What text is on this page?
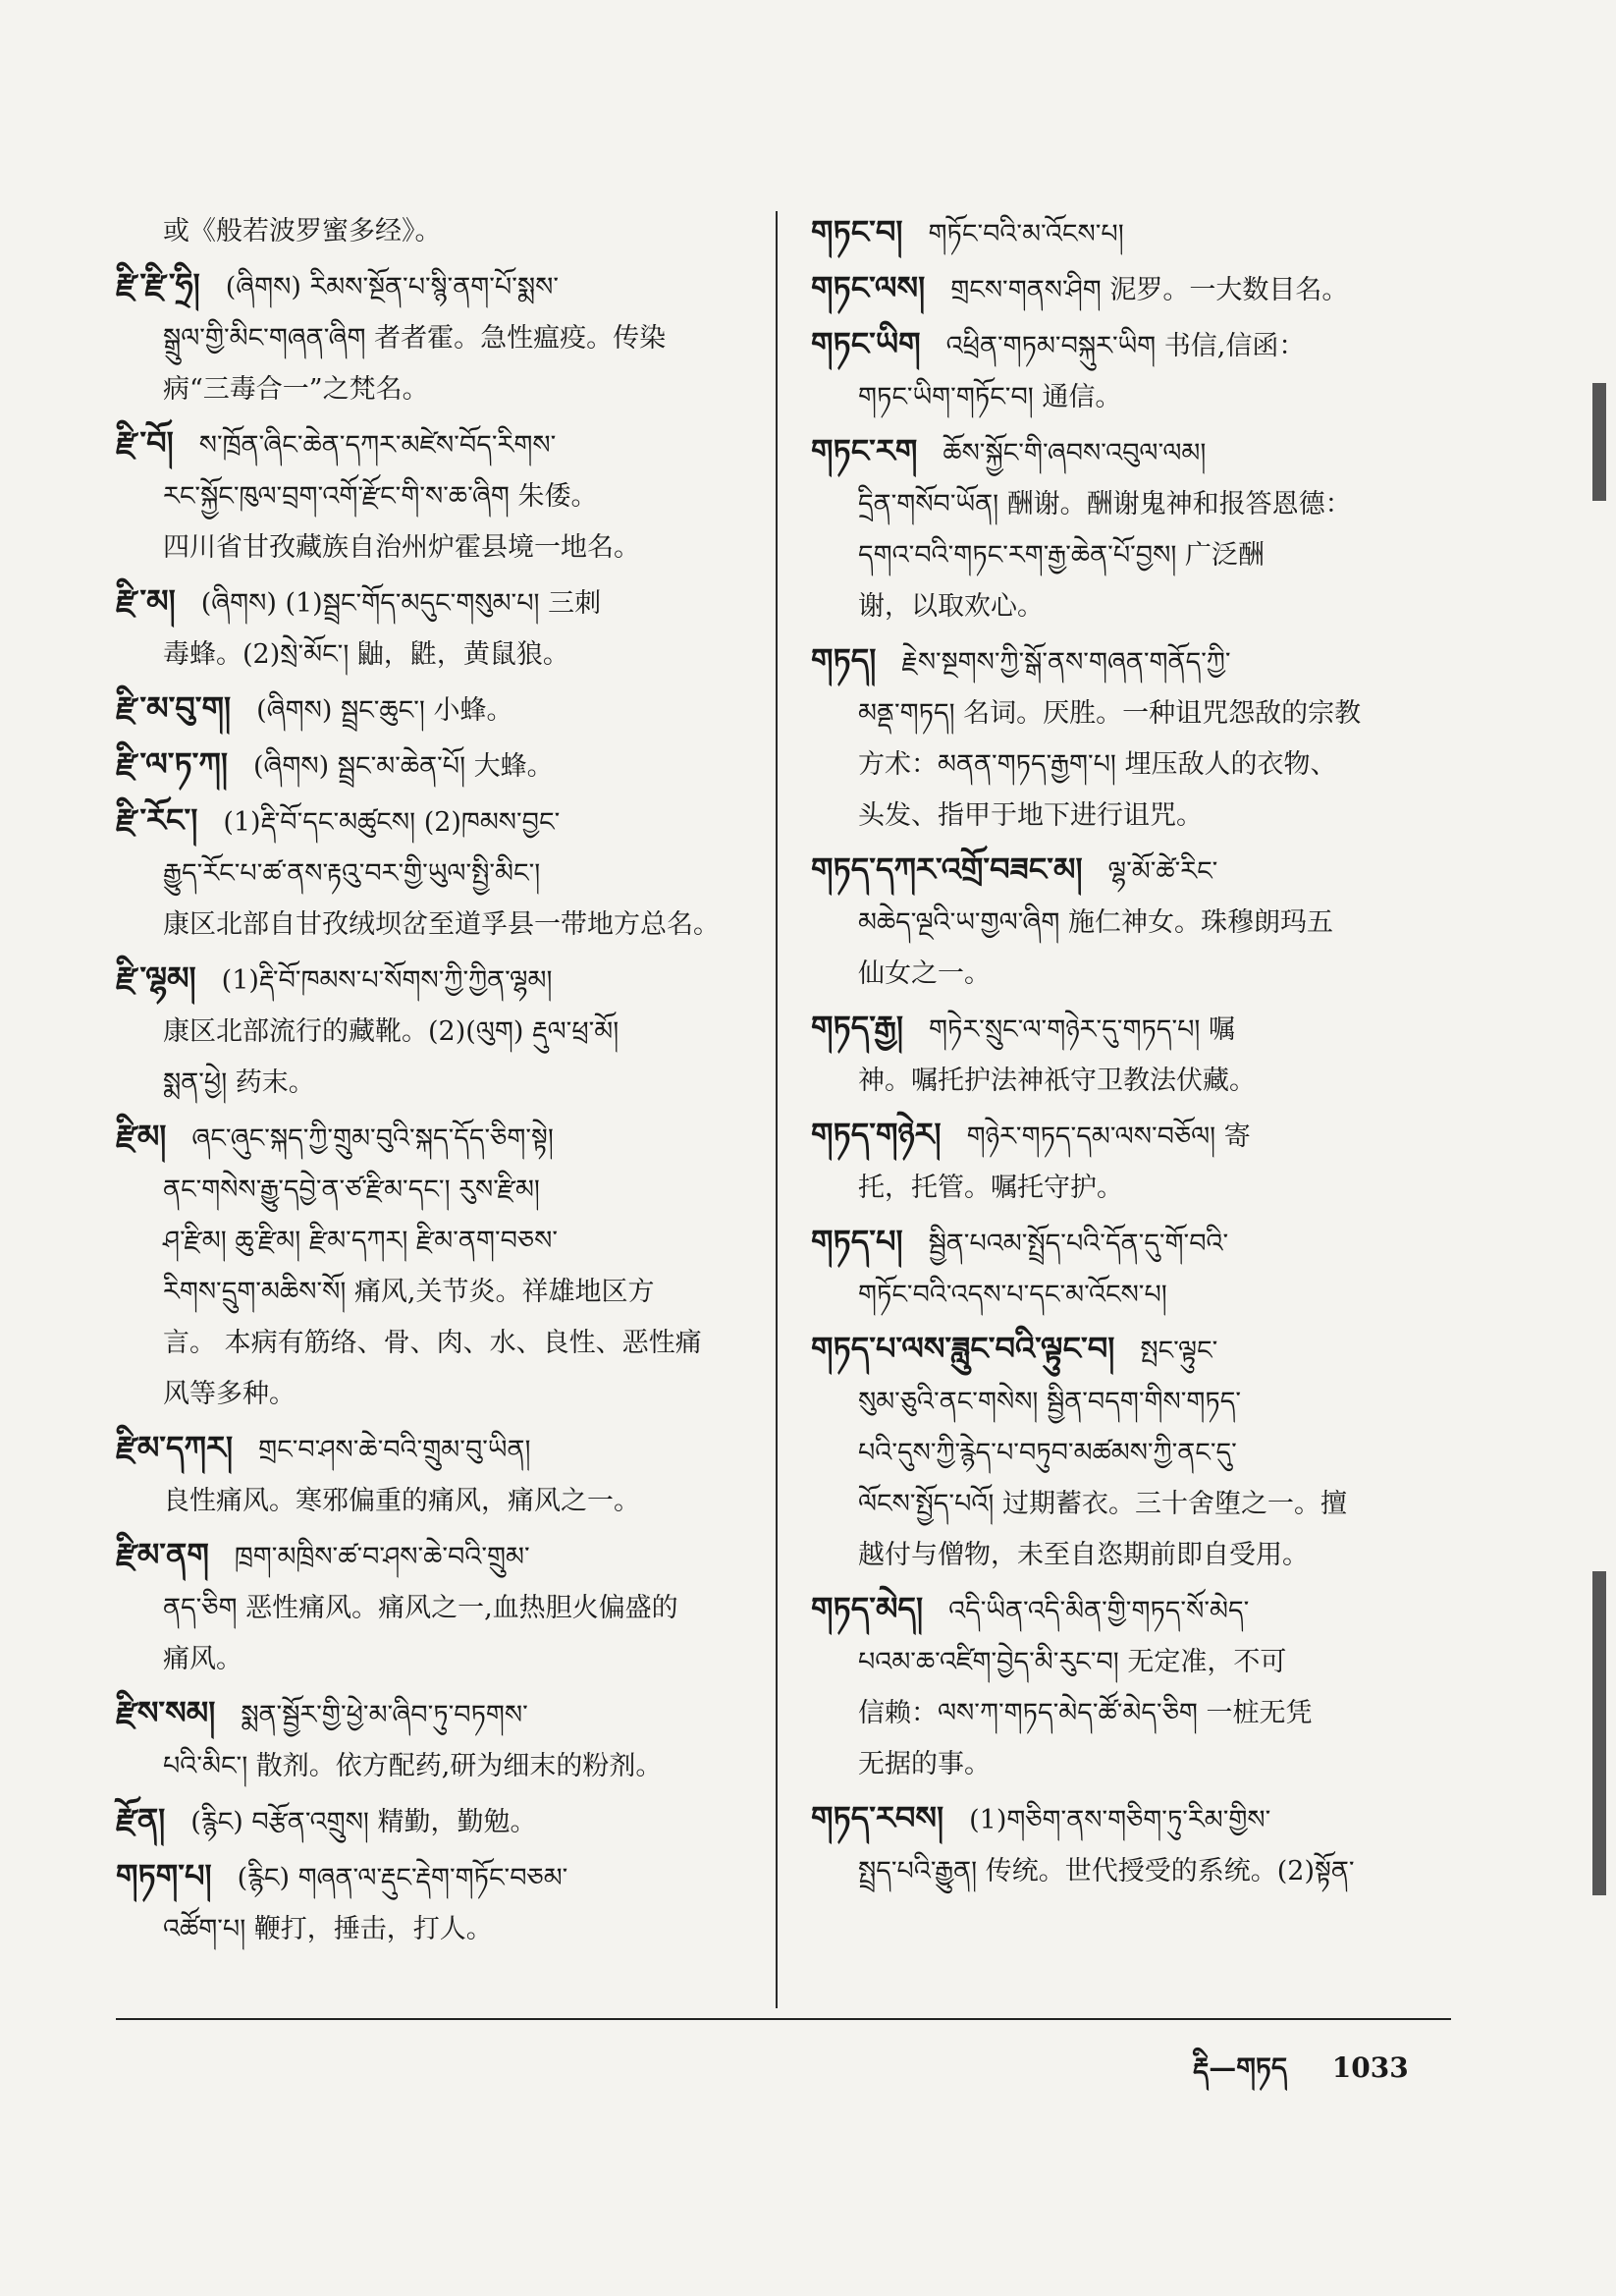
或《般若波罗蜜多经》。
རྫི་རྫི་ཧྲི། (ཞིགས) རིམས་སྔོན་པ་སྙི་ནག་པོ་སྨས་
སྒྲུལ་གྱི་མིང་གཞན་ཞིག 者者霍。急性瘟疫。传染
病“三毒合一”之梵名。
རྫི་བོ། ས་ཁྲོན་ཞིང་ཆེན་དཀར་མཛེས་བོད་རིགས་
རང་སྐྱོང་ཁུལ་བྲག་འགོ་རྫོང་གི་ས་ཆ་ཞིག 朱倭。
四川省甘孜藏族自治州炉霍县境一地名。
རྫི་མ། (ཞིགས) (1)སྦྲང་གོད་མདུང་གསུམ་པ། 三刺
毒蜂。(2)སྲེ་མོང་། 鼬，鼪，黄鼠狼。
རྫི་མ་བུ་ག། (ཞིགས) སྦྲང་ཆུང་། 小蜂。
རྫི་ལ་ཏ་ཀ། (ཞིགས) སྦྲང་མ་ཆེན་པོ། 大蜂。
རྫི་རོང་། (1)རྡི་བོ་དང་མཚུངས། (2)ཁམས་བྱང་
རྒྱུད་རོང་པ་ཚ་ནས་རྟའུ་བར་གྱི་ཡུལ་སྤྱི་མིང་།
康区北部自甘孜绒坝岔至道孚县一带地方总名。
རྫི་ལྷམ། (1)རྡི་བོ་ཁམས་པ་སོགས་ཀྱི་ཀྱིན་ལྷམ།
康区北部流行的藏靴。(2)(ལུག) རྡུལ་ཕྲ་མོ།
སྨན་ཕྱེ། 药末。
རྫིམ། ཞང་ཞུང་སྐད་ཀྱི་གྲུམ་བུའི་སྐད་དོད་ཅིག་སྟེ།
ནང་གསེས་རྒྱུ་དབྱེ་ན་ཙ་རྫིམ་དང་། རུས་རྫིམ།
ཤ་རྫིམ། ཆུ་རྫིམ། རྫིམ་དཀར། རྫིམ་ནག་བཅས་
རིགས་དྲུག་མཆིས་སོ། 痛风,关节炎。祥雄地区方
言。 本病有筋络、骨、肉、水、良性、恶性痛
风等多种。
རྫིམ་དཀར། གྲང་བ་ཤས་ཆེ་བའི་གྲུམ་བུ་ཡིན།
良性痛风。寒邪偏重的痛风，痛风之一。
རྫིམ་ནག ཁྲག་མཁྲིས་ཚ་བ་ཤས་ཆེ་བའི་གྲུམ་
ནད་ཅིག 恶性痛风。痛风之一,血热胆火偏盛的
痛风。
རྫིས་སམ། སྨན་སྦྱོར་གྱི་ཕྱེ་མ་ཞིབ་ཏུ་བཏགས་
པའི་མིང་། 散剂。依方配药,研为细末的粉剂。
རྫོན། (རྙིང) བརྩོན་འགྲུས། 精勤，勤勉。
གཏག་པ། (རྙིང) གཞན་ལ་རྡུང་རྡེག་གཏོང་བཅམ་
འཚོག་པ། 鞭打，捶击，打人。
གཏང་བ། གཏོང་བའི་མ་འོངས་པ།
གཏང་ལས། གྲངས་གནས་ཤིག 泥罗。一大数目名。
གཏང་ཡིག འཕྲིན་གཏམ་བསྐུར་ཡིག 书信,信函：
གཏང་ཡིག་གཏོང་བ། 通信。
གཏང་རག ཆོས་སྐྱོང་གི་ཞབས་འབུལ་ལམ།
དྲིན་གསོབ་ཡོན། 酬谢。酬谢鬼神和报答恩德：
དགའ་བའི་གཏང་རག་རྒྱ་ཆེན་པོ་བྱས། 广泛酬
谢，以取欢心。
གཏད། རྗེས་སྔགས་ཀྱི་སྒོ་ནས་གཞན་གནོད་ཀྱི་
མནྡ་གཏད། 名词。厌胜。一种诅咒怨敌的宗教
方术：མནན་གཏད་རྒྱག་པ། 埋压敌人的衣物、
头发、指甲于地下进行诅咒。
གཏད་དཀར་འགྲོ་བཟང་མ། ལྷ་མོ་ཚེ་རིང་
མཆེད་ལྔའི་ཡ་གྱལ་ཞིག 施仁神女。珠穆朗玛五
仙女之一。
གཏད་རྒྱ། གཏེར་སྲུང་ལ་གཉེར་དུ་གཏད་པ། 嘱
神。嘱托护法神祇守卫教法伏藏。
གཏད་གཉེར། གཉེར་གཏད་དམ་ལས་བཅོལ། 寄
托，托管。嘱托守护。
གཏད་པ། སྦྱིན་པའམ་སྤྲོད་པའི་དོན་དུ་གོ་བའི་
གཏོང་བའི་འདས་པ་དང་མ་འོངས་པ།
གཏད་པ་ལས་ཟླུང་བའི་ལྟུང་བ། སྤང་ལྟུང་
སུམ་ཅུའི་ནང་གསེས། སྦྱིན་བདག་གིས་གཏད་
པའི་དུས་ཀྱི་རྙེད་པ་བཏུབ་མཚམས་ཀྱི་ནང་དུ་
ལོངས་སྤྱོད་པའོ། 过期蓄衣。三十舍堕之一。擅
越付与僧物，未至自恣期前即自受用。
གཏད་མེད། འདི་ཡིན་འདི་མིན་གྱི་གཏད་སོ་མེད་
པའམ་ཆ་འཛིག་བྱེད་མི་རུང་བ། 无定准，不可
信赖：ལས་ཀ་གཏད་མེད་ཚོ་མེད་ཅིག 一桩无凭
无据的事。
གཏད་རབས། (1)གཅིག་ནས་གཅིག་ཏུ་རིམ་གྱིས་
སྤྲད་པའི་རྒྱུན། 传统。世代授受的系统。(2)སྟོན་
རྡི—གཏད 1033
